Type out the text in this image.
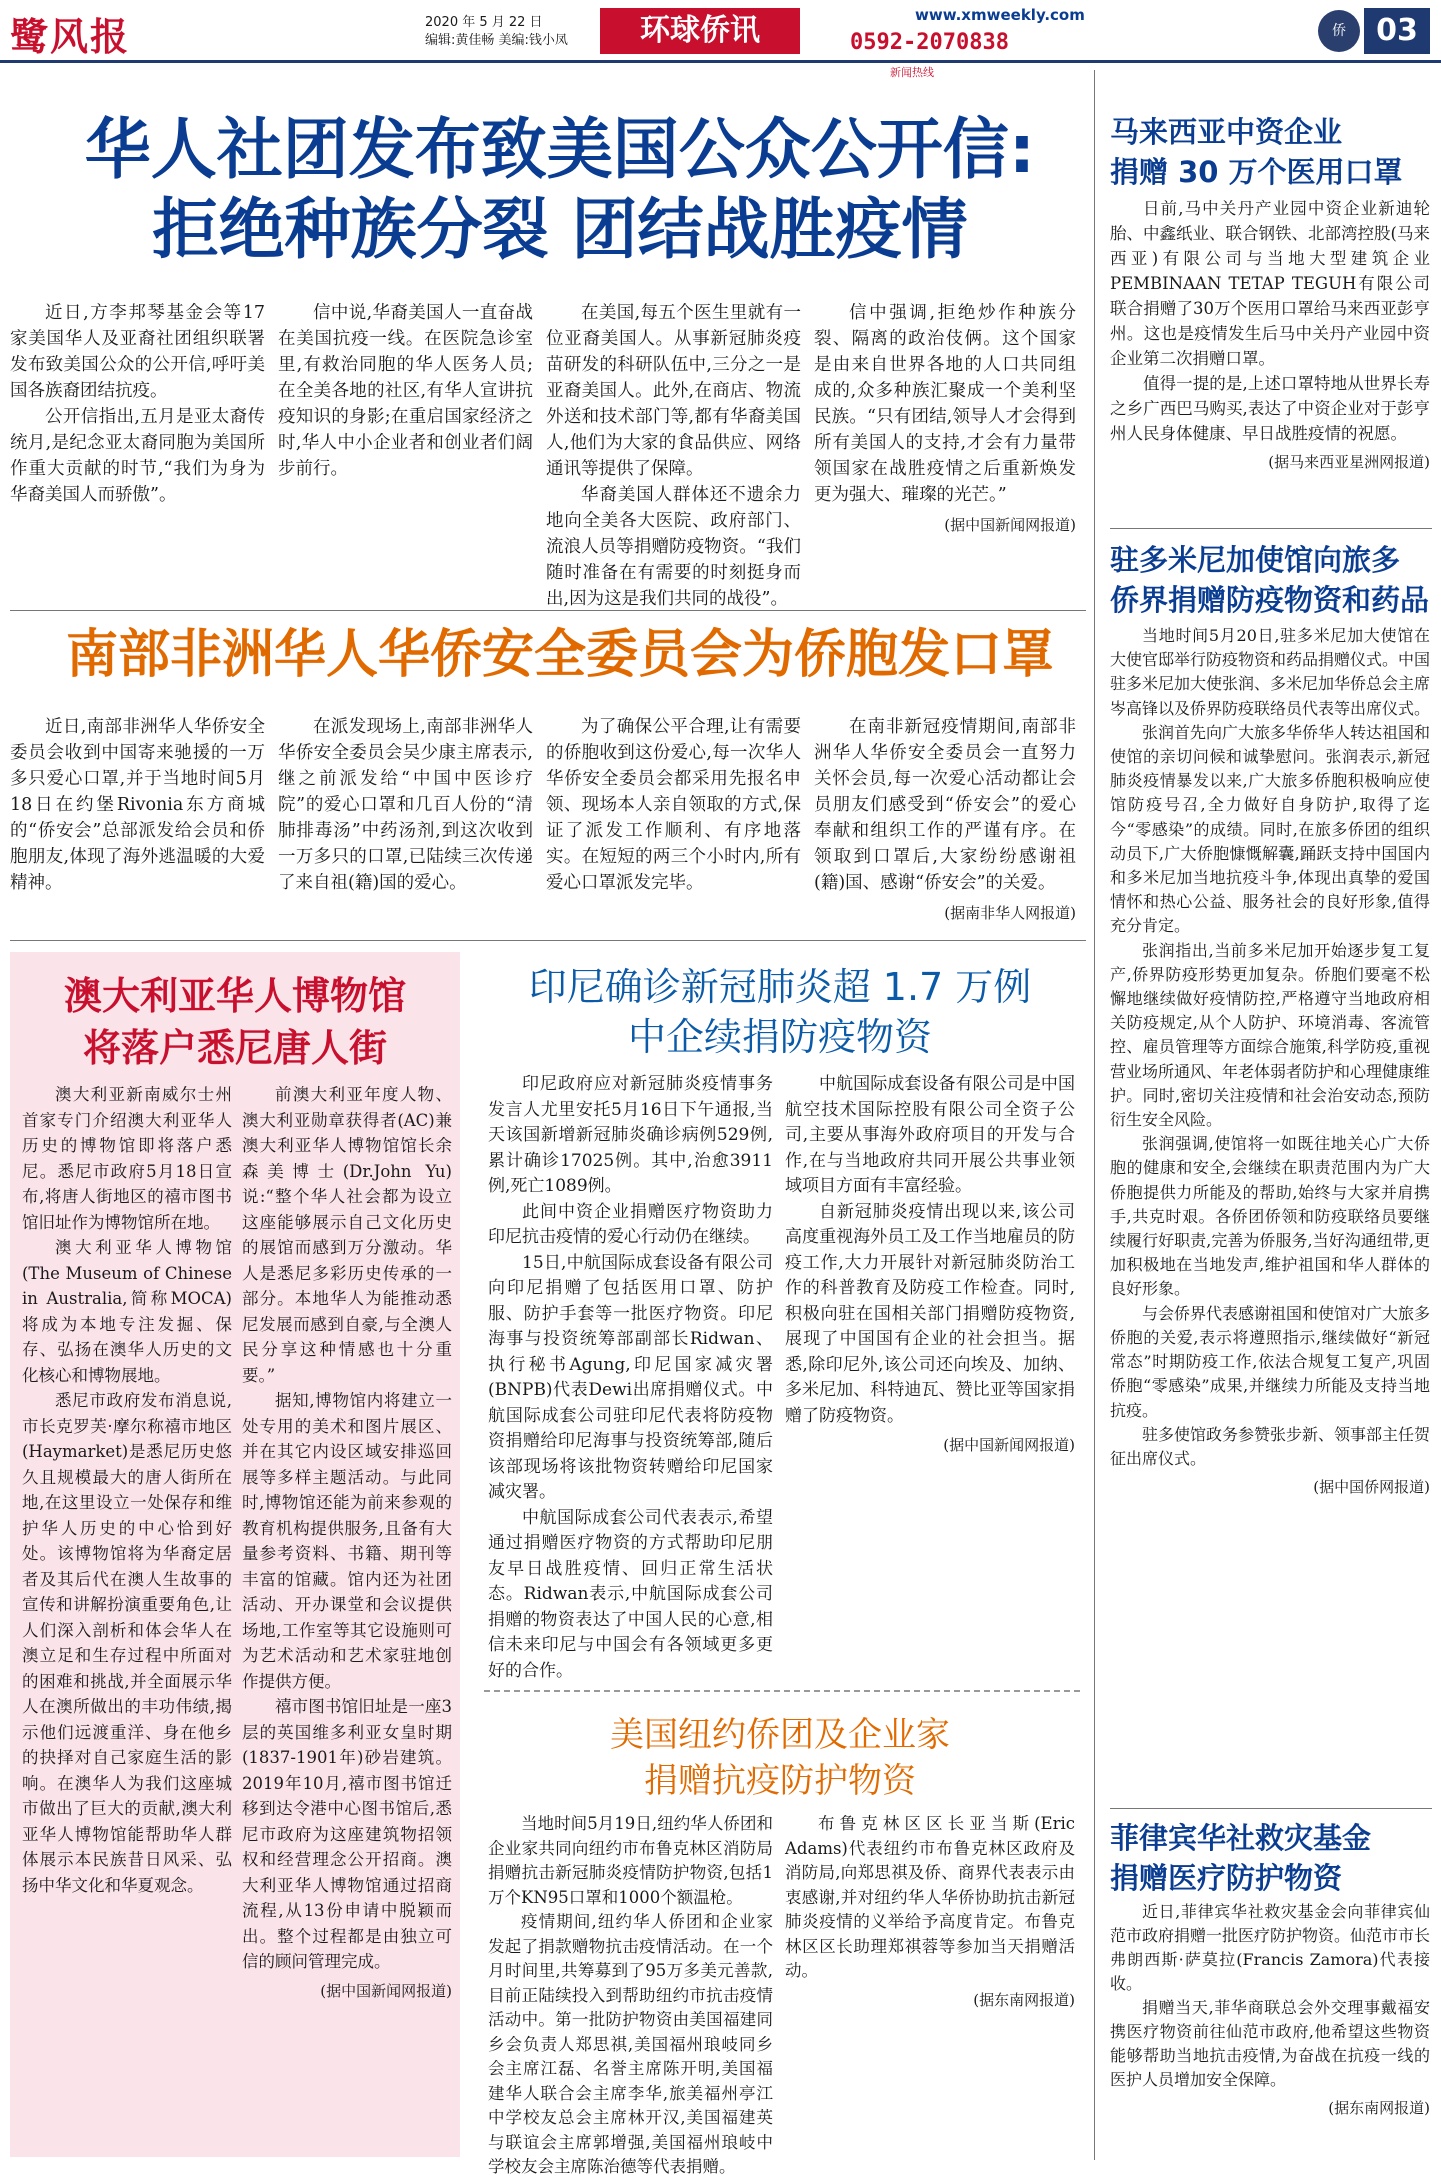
鹭风报	2020 年 5 月 22 日
编辑:黄佳畅 美编:钱小凤	环球侨讯	www.xmweekly.com
0592-2070838
新闻热线
侨	03
华人社团发布致美国公众公开信:
拒绝种族分裂 团结战胜疫情

近日,方李邦琴基金会等17家美国华人及亚裔社团组织联署发布致美国公众的公开信,呼吁美国各族裔团结抗疫。

公开信指出,五月是亚太裔传统月,是纪念亚太裔同胞为美国所作重大贡献的时节,“我们为身为华裔美国人而骄傲”。

信中说,华裔美国人一直奋战在美国抗疫一线。在医院急诊室里,有救治同胞的华人医务人员;在全美各地的社区,有华人宣讲抗疫知识的身影;在重启国家经济之时,华人中小企业者和创业者们阔步前行。

在美国,每五个医生里就有一位亚裔美国人。从事新冠肺炎疫苗研发的科研队伍中,三分之一是亚裔美国人。此外,在商店、物流外送和技术部门等,都有华裔美国人,他们为大家的食品供应、网络通讯等提供了保障。

华裔美国人群体还不遗余力地向全美各大医院、政府部门、流浪人员等捐赠防疫物资。“我们随时准备在有需要的时刻挺身而出,因为这是我们共同的战役”。

信中强调,拒绝炒作种族分裂、隔离的政治伎俩。这个国家是由来自世界各地的人口共同组成的,众多种族汇聚成一个美利坚民族。“只有团结,领导人才会得到所有美国人的支持,才会有力量带领国家在战胜疫情之后重新焕发更为强大、璀璨的光芒。”

(据中国新闻网报道)
南部非洲华人华侨安全委员会为侨胞发口罩

近日,南部非洲华人华侨安全委员会收到中国寄来驰援的一万多只爱心口罩,并于当地时间5月18日在约堡Rivonia东方商城的“侨安会”总部派发给会员和侨胞朋友,体现了海外逃温暖的大爱精神。

在派发现场上,南部非洲华人华侨安全委员会吴少康主席表示,继之前派发给“中国中医诊疗院”的爱心口罩和几百人份的“清肺排毒汤”中药汤剂,到这次收到一万多只的口罩,已陆续三次传递了来自祖(籍)国的爱心。

为了确保公平合理,让有需要的侨胞收到这份爱心,每一次华人华侨安全委员会都采用先报名申领、现场本人亲自领取的方式,保证了派发工作顺利、有序地落实。在短短的两三个小时内,所有爱心口罩派发完毕。

在南非新冠疫情期间,南部非洲华人华侨安全委员会一直努力关怀会员,每一次爱心活动都让会员朋友们感受到“侨安会”的爱心奉献和组织工作的严谨有序。在领取到口罩后,大家纷纷感谢祖(籍)国、感谢“侨安会”的关爱。

(据南非华人网报道)
澳大利亚华人博物馆
将落户悉尼唐人街

澳大利亚新南威尔士州首家专门介绍澳大利亚华人历史的博物馆即将落户悉尼。悉尼市政府5月18日宣布,将唐人街地区的禧市图书馆旧址作为博物馆所在地。

澳大利亚华人博物馆(The Museum of Chinese in Australia,简称MOCA)将成为本地专注发掘、保存、弘扬在澳华人历史的文化核心和博物展地。

悉尼市政府发布消息说,市长克罗芙·摩尔称禧市地区(Haymarket)是悉尼历史悠久且规模最大的唐人街所在地,在这里设立一处保存和维护华人历史的中心恰到好处。该博物馆将为华裔定居者及其后代在澳人生故事的宣传和讲解扮演重要角色,让人们深入剖析和体会华人在澳立足和生存过程中所面对的困难和挑战,并全面展示华人在澳所做出的丰功伟绩,揭示他们远渡重洋、身在他乡的抉择对自己家庭生活的影响。在澳华人为我们这座城市做出了巨大的贡献,澳大利亚华人博物馆能帮助华人群体展示本民族昔日风采、弘扬中华文化和华夏观念。

前澳大利亚年度人物、澳大利亚勋章获得者(AC)兼澳大利亚华人博物馆馆长余森美博士(Dr.John Yu)说:“整个华人社会都为设立这座能够展示自己文化历史的展馆而感到万分激动。华人是悉尼多彩历史传承的一部分。本地华人为能推动悉尼发展而感到自豪,与全澳人民分享这种情感也十分重要。”

据知,博物馆内将建立一处专用的美术和图片展区、并在其它内设区域安排巡回展等多样主题活动。与此同时,博物馆还能为前来参观的教育机构提供服务,且备有大量参考资料、书籍、期刊等丰富的馆藏。馆内还为社团活动、开办课堂和会议提供场地,工作室等其它设施则可为艺术活动和艺术家驻地创作提供方便。

禧市图书馆旧址是一座3层的英国维多利亚女皇时期(1837-1901年)砂岩建筑。2019年10月,禧市图书馆迁移到达令港中心图书馆后,悉尼市政府为这座建筑物招领权和经营理念公开招商。澳大利亚华人博物馆通过招商流程,从13份申请中脱颖而出。整个过程都是由独立可信的顾问管理完成。

(据中国新闻网报道)
印尼确诊新冠肺炎超 1.7 万例
中企续捐防疫物资

印尼政府应对新冠肺炎疫情事务发言人尤里安托5月16日下午通报,当天该国新增新冠肺炎确诊病例529例,累计确诊17025例。其中,治愈3911例,死亡1089例。

此间中资企业捐赠医疗物资助力印尼抗击疫情的爱心行动仍在继续。

15日,中航国际成套设备有限公司向印尼捐赠了包括医用口罩、防护服、防护手套等一批医疗物资。印尼海事与投资统筹部副部长Ridwan、执行秘书Agung,印尼国家减灾署(BNPB)代表Dewi出席捐赠仪式。中航国际成套公司驻印尼代表将防疫物资捐赠给印尼海事与投资统筹部,随后该部现场将该批物资转赠给印尼国家减灾署。

中航国际成套公司代表表示,希望通过捐赠医疗物资的方式帮助印尼朋友早日战胜疫情、回归正常生活状态。Ridwan表示,中航国际成套公司捐赠的物资表达了中国人民的心意,相信未来印尼与中国会有各领域更多更好的合作。

中航国际成套设备有限公司是中国航空技术国际控股有限公司全资子公司,主要从事海外政府项目的开发与合作,在与当地政府共同开展公共事业领域项目方面有丰富经验。

自新冠肺炎疫情出现以来,该公司高度重视海外员工及工作当地雇员的防疫工作,大力开展针对新冠肺炎防治工作的科普教育及防疫工作检查。同时,积极向驻在国相关部门捐赠防疫物资,展现了中国国有企业的社会担当。据悉,除印尼外,该公司还向埃及、加纳、多米尼加、科特迪瓦、赞比亚等国家捐赠了防疫物资。

(据中国新闻网报道)
美国纽约侨团及企业家
捐赠抗疫防护物资

当地时间5月19日,纽约华人侨团和企业家共同向纽约市布鲁克林区消防局捐赠抗击新冠肺炎疫情防护物资,包括1万个KN95口罩和1000个额温枪。

疫情期间,纽约华人侨团和企业家发起了捐款赠物抗击疫情活动。在一个月时间里,共筹募到了95万多美元善款,目前正陆续投入到帮助纽约市抗击疫情活动中。第一批防护物资由美国福建同乡会负责人郑思祺,美国福州琅岐同乡会主席江磊、名誉主席陈开明,美国福建华人联合会主席李华,旅美福州亭江中学校友总会主席林开汉,美国福建英与联谊会主席郭增强,美国福州琅岐中学校友会主席陈治德等代表捐赠。

布鲁克林区区长亚当斯(Eric Adams)代表纽约市布鲁克林区政府及消防局,向郑思祺及侨、商界代表表示由衷感谢,并对纽约华人华侨协助抗击新冠肺炎疫情的义举给予高度肯定。布鲁克林区区长助理郑祺蓉等参加当天捐赠活动。

(据东南网报道)
马来西亚中资企业
捐赠 30 万个医用口罩

日前,马中关丹产业园中资企业新迪轮胎、中鑫纸业、联合钢铁、北部湾控股(马来西亚)有限公司与当地大型建筑企业PEMBINAAN TETAP TEGUH有限公司联合捐赠了30万个医用口罩给马来西亚彭亨州。这也是疫情发生后马中关丹产业园中资企业第二次捐赠口罩。

值得一提的是,上述口罩特地从世界长寿之乡广西巴马购买,表达了中资企业对于彭亨州人民身体健康、早日战胜疫情的祝愿。

(据马来西亚星洲网报道)
驻多米尼加使馆向旅多
侨界捐赠防疫物资和药品

当地时间5月20日,驻多米尼加大使馆在大使官邸举行防疫物资和药品捐赠仪式。中国驻多米尼加大使张润、多米尼加华侨总会主席岑高锋以及侨界防疫联络员代表等出席仪式。

张润首先向广大旅多华侨华人转达祖国和使馆的亲切问候和诚挚慰问。张润表示,新冠肺炎疫情暴发以来,广大旅多侨胞积极响应使馆防疫号召,全力做好自身防护,取得了迄今“零感染”的成绩。同时,在旅多侨团的组织动员下,广大侨胞慷慨解囊,踊跃支持中国国内和多米尼加当地抗疫斗争,体现出真挚的爱国情怀和热心公益、服务社会的良好形象,值得充分肯定。

张润指出,当前多米尼加开始逐步复工复产,侨界防疫形势更加复杂。侨胞们要毫不松懈地继续做好疫情防控,严格遵守当地政府相关防疫规定,从个人防护、环境消毒、客流管控、雇员管理等方面综合施策,科学防疫,重视营业场所通风、年老体弱者防护和心理健康维护。同时,密切关注疫情和社会治安动态,预防衍生安全风险。

张润强调,使馆将一如既往地关心广大侨胞的健康和安全,会继续在职责范围内为广大侨胞提供力所能及的帮助,始终与大家并肩携手,共克时艰。各侨团侨领和防疫联络员要继续履行好职责,完善为侨服务,当好沟通纽带,更加积极地在当地发声,维护祖国和华人群体的良好形象。

与会侨界代表感谢祖国和使馆对广大旅多侨胞的关爱,表示将遵照指示,继续做好“新冠常态”时期防疫工作,依法合规复工复产,巩固侨胞“零感染”成果,并继续力所能及支持当地抗疫。

驻多使馆政务参赞张步新、领事部主任贺征出席仪式。

(据中国侨网报道)
菲律宾华社救灾基金
捐赠医疗防护物资

近日,菲律宾华社救灾基金会向菲律宾仙范市政府捐赠一批医疗防护物资。仙范市市长弗朗西斯·萨莫拉(Francis Zamora)代表接收。

捐赠当天,菲华商联总会外交理事戴福安携医疗物资前往仙范市政府,他希望这些物资能够帮助当地抗击疫情,为奋战在抗疫一线的医护人员增加安全保障。

(据东南网报道)
